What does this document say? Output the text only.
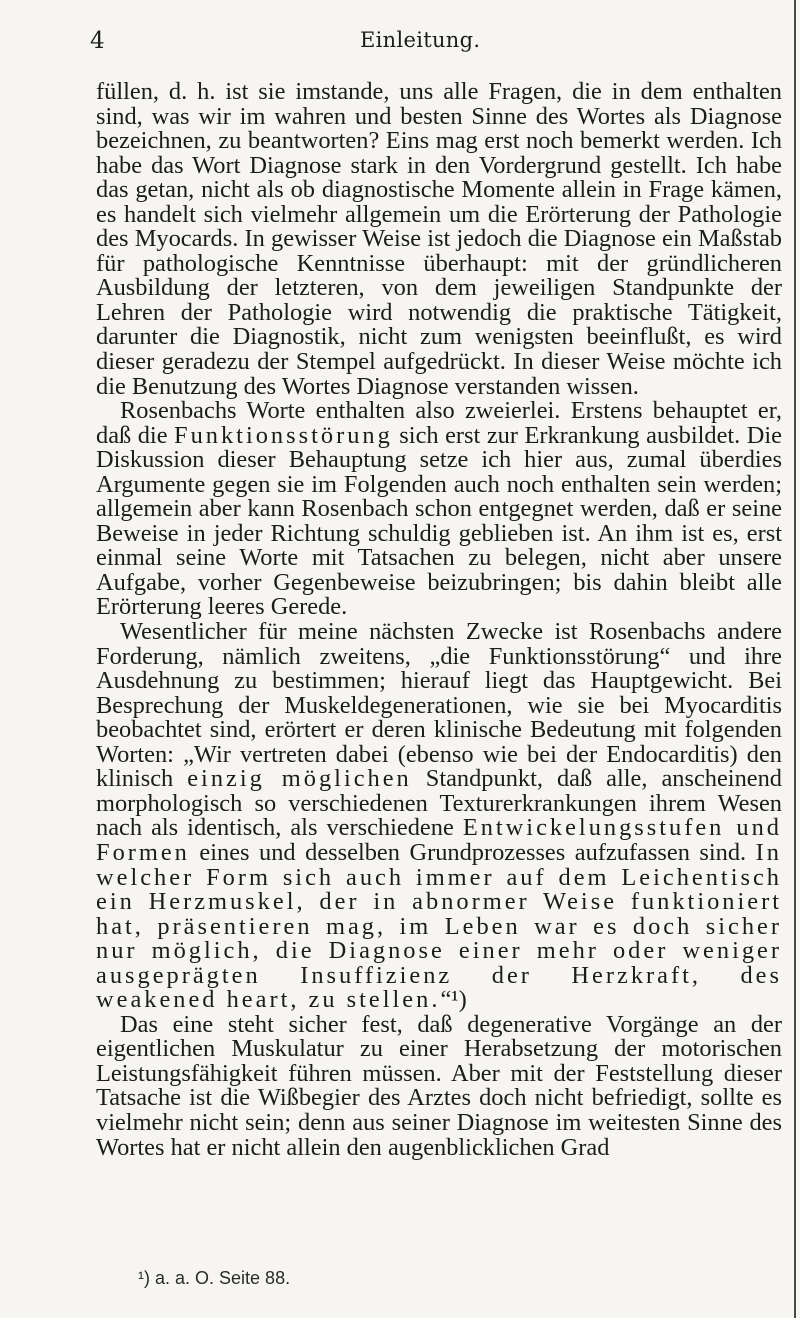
4	Einleitung.

füllen, d. h. ist sie imstande, uns alle Fragen, die in dem enthalten sind, was wir im wahren und besten Sinne des Wortes als Diagnose bezeichnen, zu beantworten? Eins mag erst noch bemerkt werden. Ich habe das Wort Diagnose stark in den Vordergrund gestellt. Ich habe das getan, nicht als ob diagnostische Momente allein in Frage kämen, es handelt sich vielmehr allgemein um die Erörterung der Pathologie des Myocards. In gewisser Weise ist jedoch die Diagnose ein Maßstab für pathologische Kenntnisse überhaupt: mit der gründlicheren Ausbildung der letzteren, von dem jeweiligen Standpunkte der Lehren der Pathologie wird notwendig die praktische Tätigkeit, darunter die Diagnostik, nicht zum wenigsten beeinflußt, es wird dieser geradezu der Stempel aufgedrückt. In dieser Weise möchte ich die Benutzung des Wortes Diagnose verstanden wissen.

Rosenbachs Worte enthalten also zweierlei. Erstens behauptet er, daß die Funktionsstörung sich erst zur Erkrankung ausbildet. Die Diskussion dieser Behauptung setze ich hier aus, zumal überdies Argumente gegen sie im Folgenden auch noch enthalten sein werden; allgemein aber kann Rosenbach schon entgegnet werden, daß er seine Beweise in jeder Richtung schuldig geblieben ist. An ihm ist es, erst einmal seine Worte mit Tatsachen zu belegen, nicht aber unsere Aufgabe, vorher Gegenbeweise beizubringen; bis dahin bleibt alle Erörterung leeres Gerede.

Wesentlicher für meine nächsten Zwecke ist Rosenbachs andere Forderung, nämlich zweitens, „die Funktionsstörung“ und ihre Ausdehnung zu bestimmen; hierauf liegt das Hauptgewicht. Bei Besprechung der Muskeldegenerationen, wie sie bei Myocarditis beobachtet sind, erörtert er deren klinische Bedeutung mit folgenden Worten: „Wir vertreten dabei (ebenso wie bei der Endocarditis) den klinisch einzig möglichen Standpunkt, daß alle, anscheinend morphologisch so verschiedenen Texturerkrankungen ihrem Wesen nach als identisch, als verschiedene Entwickelungsstufen und Formen eines und desselben Grundprozesses aufzufassen sind. In welcher Form sich auch immer auf dem Leichentisch ein Herzmuskel, der in abnormer Weise funktioniert hat, präsentieren mag, im Leben war es doch sicher nur möglich, die Diagnose einer mehr oder weniger ausgeprägten Insuffizienz der Herzkraft, des weakened heart, zu stellen.“¹)

Das eine steht sicher fest, daß degenerative Vorgänge an der eigentlichen Muskulatur zu einer Herabsetzung der motorischen Leistungsfähigkeit führen müssen. Aber mit der Feststellung dieser Tatsache ist die Wißbegier des Arztes doch nicht befriedigt, sollte es vielmehr nicht sein; denn aus seiner Diagnose im weitesten Sinne des Wortes hat er nicht allein den augenblicklichen Grad

¹) a. a. O. Seite 88.
